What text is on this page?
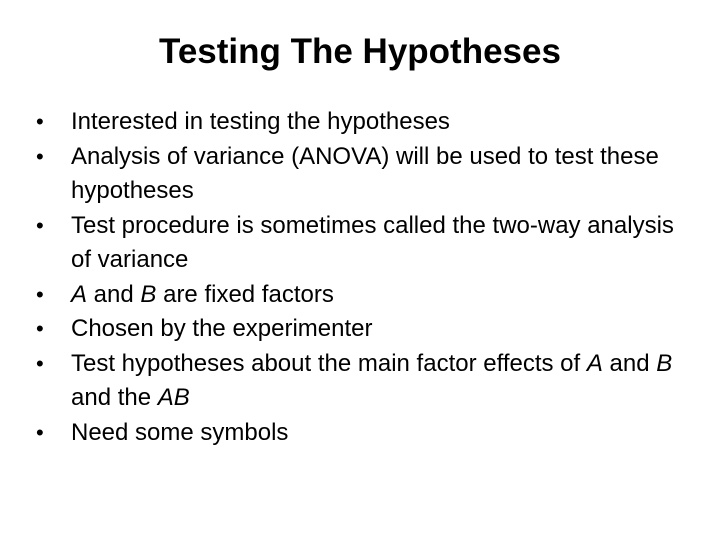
Testing The Hypotheses
•	Interested in testing the hypotheses
•	Analysis of variance (ANOVA) will be used to test these hypotheses
•	Test procedure is sometimes called the two-way analysis of variance
•	A and B are fixed factors
•	Chosen by the experimenter
•	Test hypotheses about the main factor effects of A and B and the AB
•	Need some symbols
